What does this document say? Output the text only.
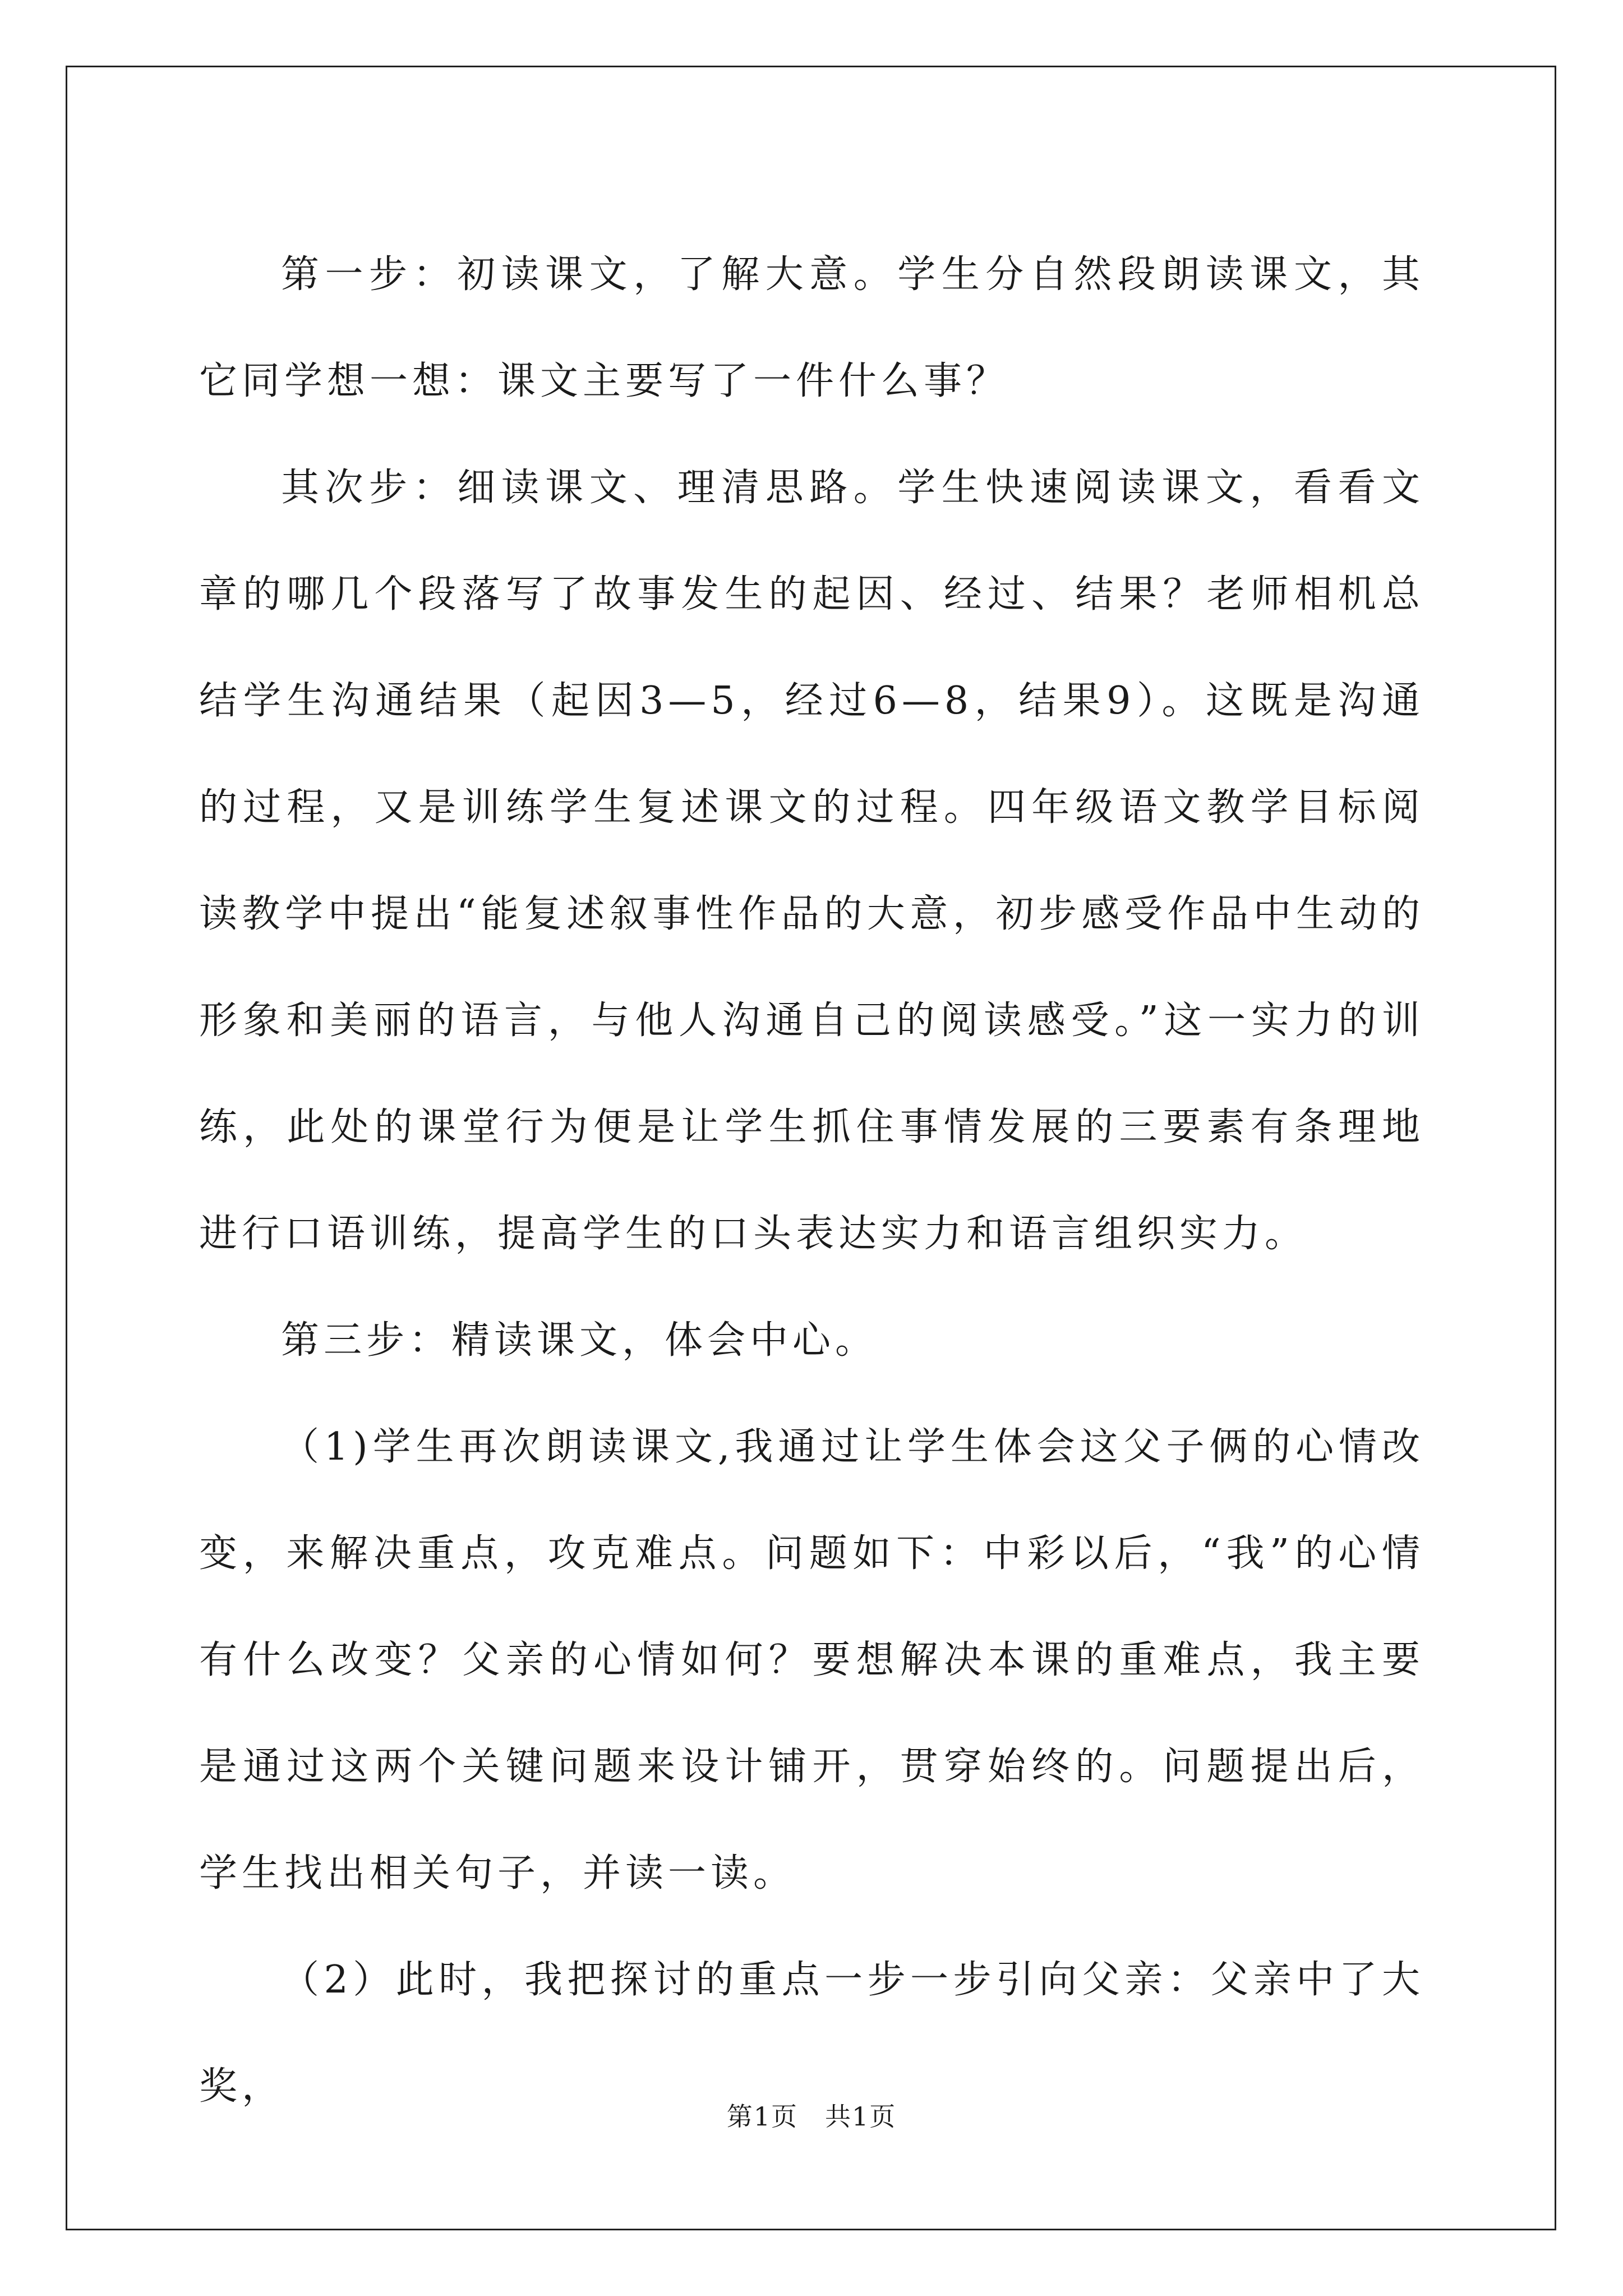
第一步：初读课文，了解大意。学生分自然段朗读课文，其它同学想一想：课文主要写了一件什么事？

其次步：细读课文、理清思路。学生快速阅读课文，看看文章的哪几个段落写了故事发生的起因、经过、结果？老师相机总结学生沟通结果（起因3—5，经过6—8，结果9）。这既是沟通的过程，又是训练学生复述课文的过程。四年级语文教学目标阅读教学中提出“能复述叙事性作品的大意，初步感受作品中生动的形象和美丽的语言，与他人沟通自己的阅读感受。”这一实力的训练，此处的课堂行为便是让学生抓住事情发展的三要素有条理地进行口语训练，提高学生的口头表达实力和语言组织实力。

第三步：精读课文，体会中心。

（1)学生再次朗读课文,我通过让学生体会这父子俩的心情改变，来解决重点，攻克难点。问题如下：中彩以后，“我”的心情有什么改变？父亲的心情如何？要想解决本课的重难点，我主要是通过这两个关键问题来设计铺开，贯穿始终的。问题提出后，学生找出相关句子，并读一读。

（2）此时，我把探讨的重点一步一步引向父亲：父亲中了大奖，

第1页　共1页
